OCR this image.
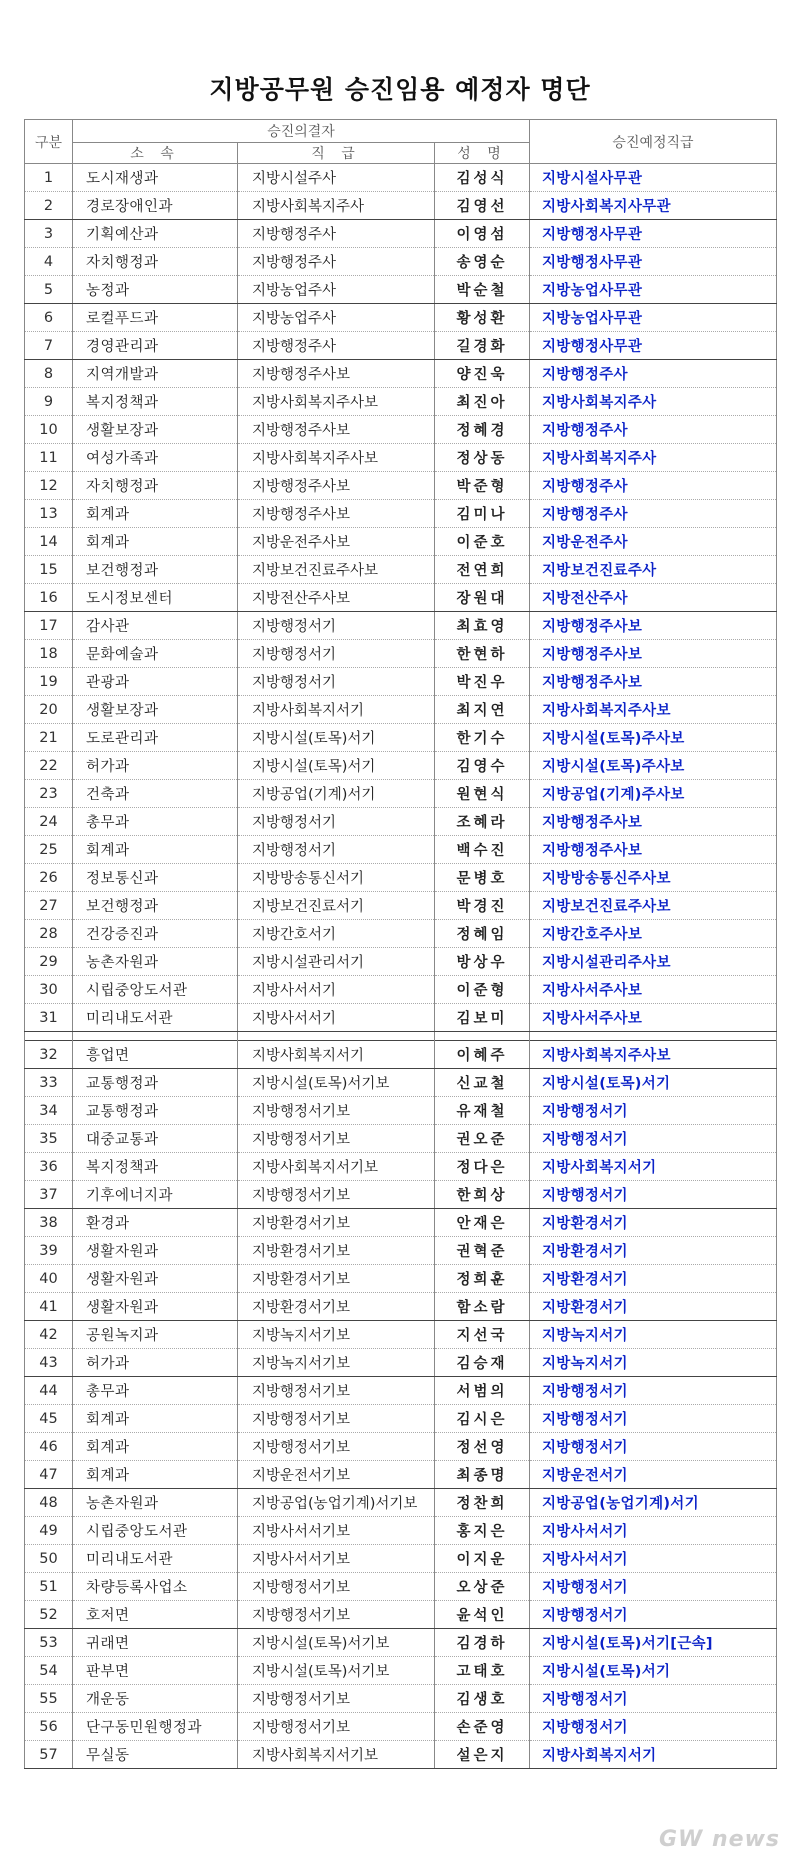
지방공무원 승진임용 예정자 명단
구분	승진의결자			승진예정직급
	소 속	직 급	성 명	
1	도시재생과	지방시설주사	김성식	지방시설사무관
2	경로장애인과	지방사회복지주사	김영선	지방사회복지사무관
3	기획예산과	지방행정주사	이영섬	지방행정사무관
4	자치행정과	지방행정주사	송영순	지방행정사무관
5	농정과	지방농업주사	박순철	지방농업사무관
6	로컬푸드과	지방농업주사	황성환	지방농업사무관
7	경영관리과	지방행정주사	길경화	지방행정사무관
8	지역개발과	지방행정주사보	양진욱	지방행정주사
9	복지정책과	지방사회복지주사보	최진아	지방사회복지주사
10	생활보장과	지방행정주사보	정혜경	지방행정주사
11	여성가족과	지방사회복지주사보	정상동	지방사회복지주사
12	자치행정과	지방행정주사보	박준형	지방행정주사
13	회계과	지방행정주사보	김미나	지방행정주사
14	회계과	지방운전주사보	이준호	지방운전주사
15	보건행정과	지방보건진료주사보	전연희	지방보건진료주사
16	도시정보센터	지방전산주사보	장원대	지방전산주사
17	감사관	지방행정서기	최효영	지방행정주사보
18	문화예술과	지방행정서기	한현하	지방행정주사보
19	관광과	지방행정서기	박진우	지방행정주사보
20	생활보장과	지방사회복지서기	최지연	지방사회복지주사보
21	도로관리과	지방시설(토목)서기	한기수	지방시설(토목)주사보
22	허가과	지방시설(토목)서기	김영수	지방시설(토목)주사보
23	건축과	지방공업(기계)서기	원현식	지방공업(기계)주사보
24	총무과	지방행정서기	조혜라	지방행정주사보
25	회계과	지방행정서기	백수진	지방행정주사보
26	정보통신과	지방방송통신서기	문병호	지방방송통신주사보
27	보건행정과	지방보건진료서기	박경진	지방보건진료주사보
28	건강증진과	지방간호서기	정혜임	지방간호주사보
29	농촌자원과	지방시설관리서기	방상우	지방시설관리주사보
30	시립중앙도서관	지방사서서기	이준형	지방사서주사보
31	미리내도서관	지방사서서기	김보미	지방사서주사보

32	흥업면	지방사회복지서기	이혜주	지방사회복지주사보
33	교통행정과	지방시설(토목)서기보	신교철	지방시설(토목)서기
34	교통행정과	지방행정서기보	유재철	지방행정서기
35	대중교통과	지방행정서기보	권오준	지방행정서기
36	복지정책과	지방사회복지서기보	정다은	지방사회복지서기
37	기후에너지과	지방행정서기보	한희상	지방행정서기
38	환경과	지방환경서기보	안재은	지방환경서기
39	생활자원과	지방환경서기보	권혁준	지방환경서기
40	생활자원과	지방환경서기보	정희훈	지방환경서기
41	생활자원과	지방환경서기보	함소람	지방환경서기
42	공원녹지과	지방녹지서기보	지선국	지방녹지서기
43	허가과	지방녹지서기보	김승재	지방녹지서기
44	총무과	지방행정서기보	서범의	지방행정서기
45	회계과	지방행정서기보	김시은	지방행정서기
46	회계과	지방행정서기보	정선영	지방행정서기
47	회계과	지방운전서기보	최종명	지방운전서기
48	농촌자원과	지방공업(농업기계)서기보	정찬희	지방공업(농업기계)서기
49	시립중앙도서관	지방사서서기보	홍지은	지방사서서기
50	미리내도서관	지방사서서기보	이지운	지방사서서기
51	차량등록사업소	지방행정서기보	오상준	지방행정서기
52	호저면	지방행정서기보	윤석인	지방행정서기
53	귀래면	지방시설(토목)서기보	김경하	지방시설(토목)서기[근속]
54	판부면	지방시설(토목)서기보	고태호	지방시설(토목)서기
55	개운동	지방행정서기보	김생호	지방행정서기
56	단구동민원행정과	지방행정서기보	손준영	지방행정서기
57	무실동	지방사회복지서기보	설은지	지방사회복지서기
GW news
